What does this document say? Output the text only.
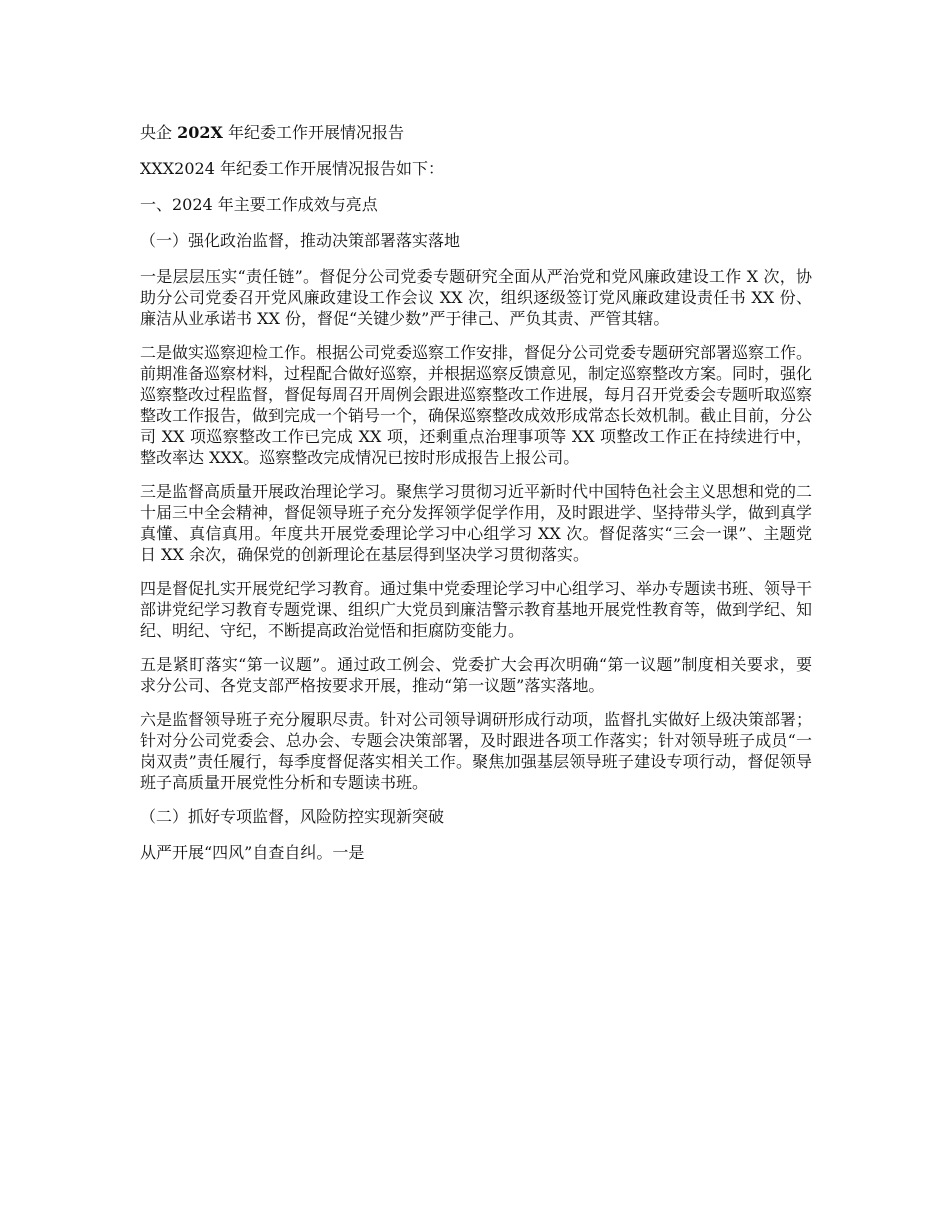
央企 202X 年纪委工作开展情况报告
XXX2024 年纪委工作开展情况报告如下：
一、2024 年主要工作成效与亮点
（一）强化政治监督，推动决策部署落实落地
一是层层压实“责任链”。督促分公司党委专题研究全面从严治党和党风廉政建设工作 X 次，协助分公司党委召开党风廉政建设工作会议 XX 次，组织逐级签订党风廉政建设责任书 XX 份、廉洁从业承诺书 XX 份，督促“关键少数”严于律己、严负其责、严管其辖。
二是做实巡察迎检工作。根据公司党委巡察工作安排，督促分公司党委专题研究部署巡察工作。前期准备巡察材料，过程配合做好巡察，并根据巡察反馈意见，制定巡察整改方案。同时，强化巡察整改过程监督，督促每周召开周例会跟进巡察整改工作进展，每月召开党委会专题听取巡察整改工作报告，做到完成一个销号一个，确保巡察整改成效形成常态长效机制。截止目前，分公司 XX 项巡察整改工作已完成 XX 项，还剩重点治理事项等 XX 项整改工作正在持续进行中，整改率达 XXX。巡察整改完成情况已按时形成报告上报公司。
三是监督高质量开展政治理论学习。聚焦学习贯彻习近平新时代中国特色社会主义思想和党的二十届三中全会精神，督促领导班子充分发挥领学促学作用，及时跟进学、坚持带头学，做到真学真懂、真信真用。年度共开展党委理论学习中心组学习 XX 次。督促落实“三会一课”、主题党日 XX 余次，确保党的创新理论在基层得到坚决学习贯彻落实。
四是督促扎实开展党纪学习教育。通过集中党委理论学习中心组学习、举办专题读书班、领导干部讲党纪学习教育专题党课、组织广大党员到廉洁警示教育基地开展党性教育等，做到学纪、知纪、明纪、守纪，不断提高政治觉悟和拒腐防变能力。
五是紧盯落实“第一议题”。通过政工例会、党委扩大会再次明确“第一议题”制度相关要求，要求分公司、各党支部严格按要求开展，推动“第一议题”落实落地。
六是监督领导班子充分履职尽责。针对公司领导调研形成行动项，监督扎实做好上级决策部署；针对分公司党委会、总办会、专题会决策部署，及时跟进各项工作落实；针对领导班子成员“一岗双责”责任履行，每季度督促落实相关工作。聚焦加强基层领导班子建设专项行动，督促领导班子高质量开展党性分析和专题读书班。
（二）抓好专项监督，风险防控实现新突破
从严开展“四风”自查自纠。一是
